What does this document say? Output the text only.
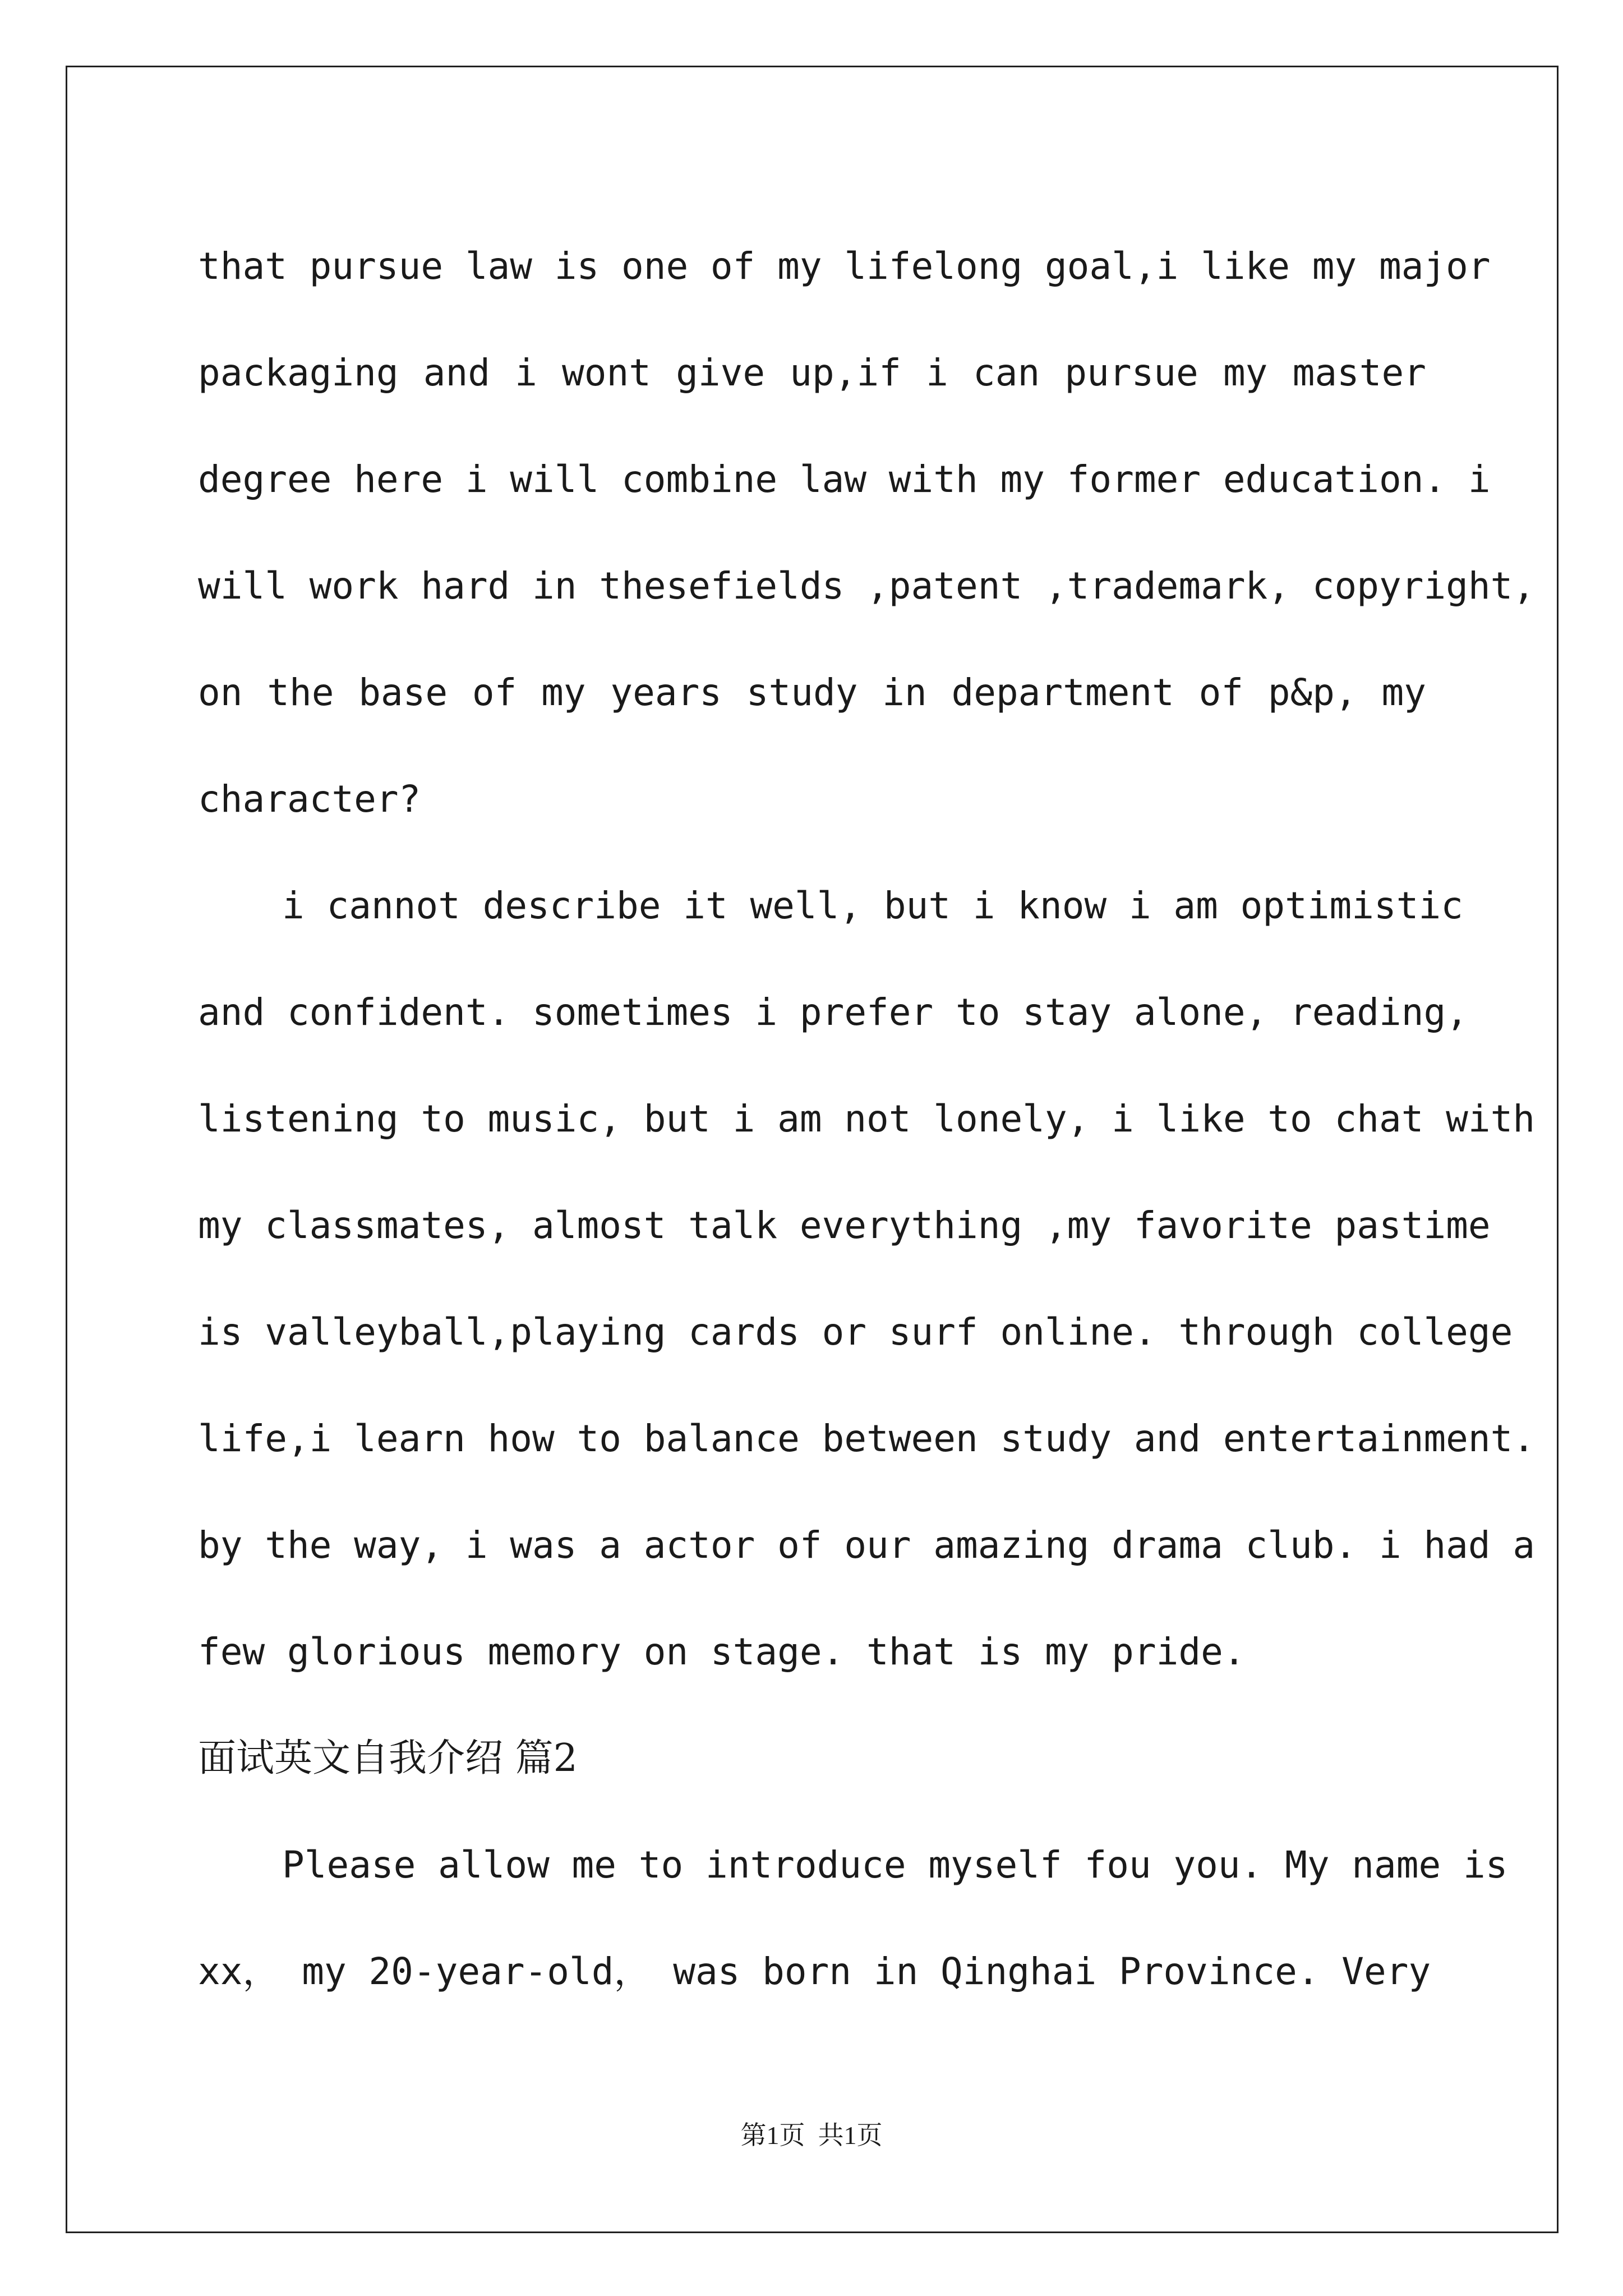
that pursue law is one of my lifelong goal,i like my major
packaging and i wont give up,if i can pursue my master
degree here i will combine law with my former education. i
will work hard in thesefields ,patent ,trademark, copyright,
on the base of my years study in department of p&p, my
character?
i cannot describe it well, but i know i am optimistic
and confident. sometimes i prefer to stay alone, reading,
listening to music, but i am not lonely, i like to chat with
my classmates, almost talk everything ,my favorite pastime
is valleyball,playing cards or surf online. through college
life,i learn how to balance between study and entertainment.
by the way, i was a actor of our amazing drama club. i had a
few glorious memory on stage. that is my pride.
面试英文自我介绍 篇2
Please allow me to introduce myself fou you. My name is
xx， my 20-year-old， was born in Qinghai Province. Very
第1页  共1页
